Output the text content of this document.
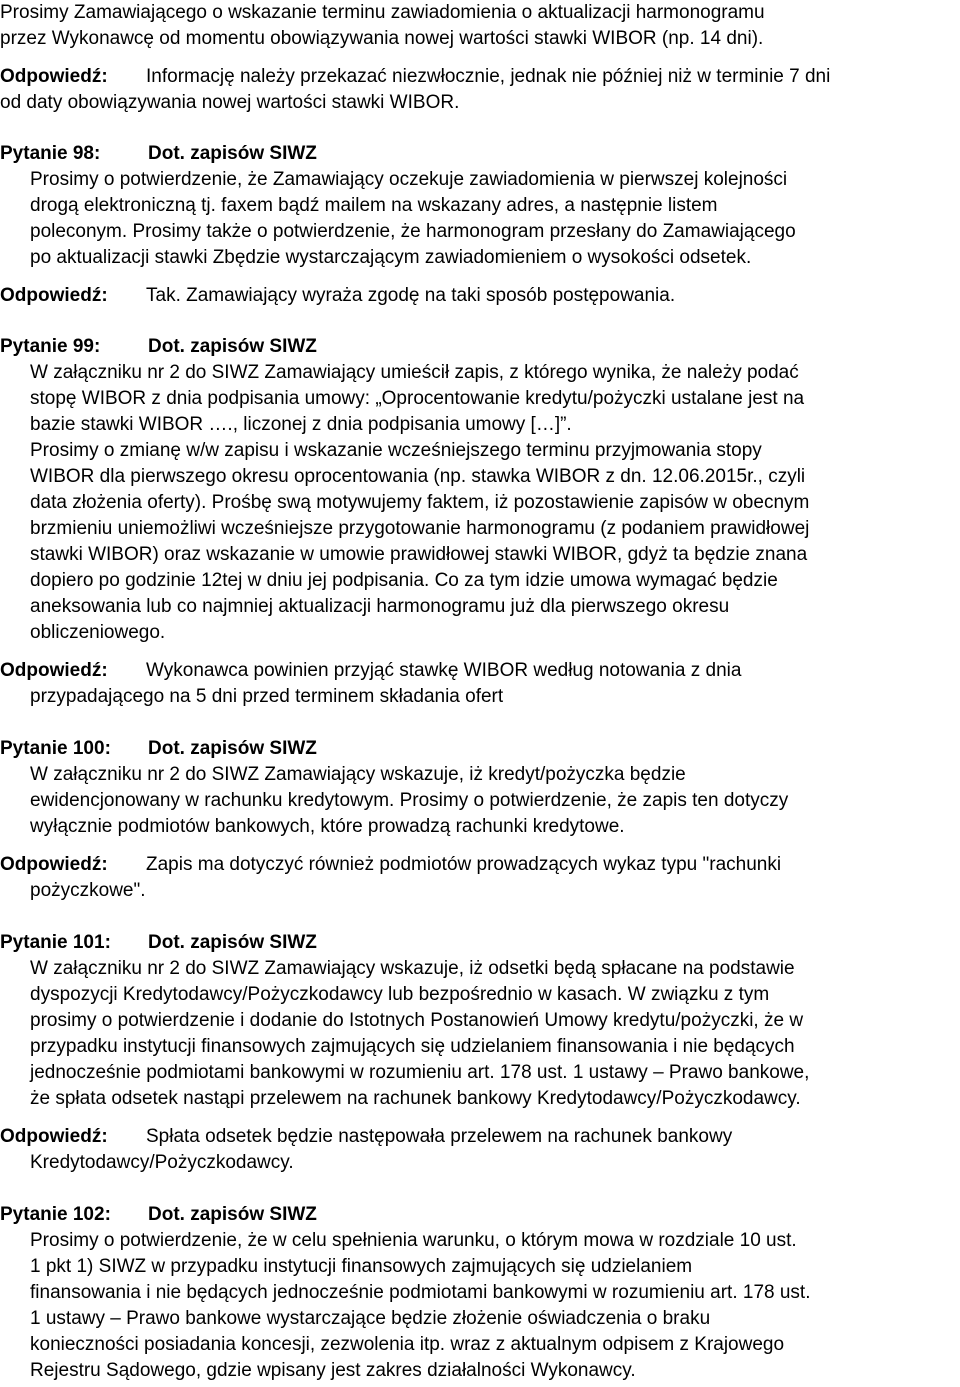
Prosimy Zamawiającego o wskazanie terminu zawiadomienia o aktualizacji harmonogramu
przez Wykonawcę od momentu obowiązywania nowej wartości stawki WIBOR (np. 14 dni).
Odpowiedź: Informację należy przekazać niezwłocznie, jednak nie później niż w terminie 7 dni
od daty obowiązywania nowej wartości stawki WIBOR.
Pytanie 98:	Dot. zapisów SIWZ
Prosimy o potwierdzenie, że Zamawiający oczekuje zawiadomienia w pierwszej kolejności
drogą elektroniczną tj. faxem bądź mailem na wskazany adres, a następnie listem
poleconym. Prosimy także o potwierdzenie, że harmonogram przesłany do Zamawiającego
po aktualizacji stawki Zbędzie wystarczającym zawiadomieniem o wysokości odsetek.
Odpowiedź: Tak. Zamawiający wyraża zgodę na taki sposób postępowania.
Pytanie 99:	Dot. zapisów SIWZ
W załączniku nr 2 do SIWZ Zamawiający umieścił zapis, z którego wynika, że należy podać
stopę WIBOR z dnia podpisania umowy: „Oprocentowanie kredytu/pożyczki ustalane jest na
bazie stawki WIBOR …., liczonej z dnia podpisania umowy […]”.
Prosimy o zmianę w/w zapisu i wskazanie wcześniejszego terminu przyjmowania stopy
WIBOR dla pierwszego okresu oprocentowania (np. stawka WIBOR z dn. 12.06.2015r., czyli
data złożenia oferty). Prośbę swą motywujemy faktem, iż pozostawienie zapisów w obecnym
brzmieniu uniemożliwi wcześniejsze przygotowanie harmonogramu (z podaniem prawidłowej
stawki WIBOR) oraz wskazanie w umowie prawidłowej stawki WIBOR, gdyż ta będzie znana
dopiero po godzinie 12tej w dniu jej podpisania. Co za tym idzie umowa wymagać będzie
aneksowania lub co najmniej aktualizacji harmonogramu już dla pierwszego okresu
obliczeniowego.
Odpowiedź: Wykonawca powinien przyjąć stawkę WIBOR według notowania z dnia
przypadającego na 5 dni przed terminem składania ofert
Pytanie 100: Dot. zapisów SIWZ
W załączniku nr 2 do SIWZ Zamawiający wskazuje, iż kredyt/pożyczka będzie
ewidencjonowany w rachunku kredytowym. Prosimy o potwierdzenie, że zapis ten dotyczy
wyłącznie podmiotów bankowych, które prowadzą rachunki kredytowe.
Odpowiedź: Zapis ma dotyczyć również podmiotów prowadzących wykaz typu "rachunki
pożyczkowe".
Pytanie 101: Dot. zapisów SIWZ
W załączniku nr 2 do SIWZ Zamawiający wskazuje, iż odsetki będą spłacane na podstawie
dyspozycji Kredytodawcy/Pożyczkodawcy lub bezpośrednio w kasach. W związku z tym
prosimy o potwierdzenie i dodanie do Istotnych Postanowień Umowy kredytu/pożyczki, że w
przypadku instytucji finansowych zajmujących się udzielaniem finansowania i nie będących
jednocześnie podmiotami bankowymi w rozumieniu art. 178 ust. 1 ustawy – Prawo bankowe,
że spłata odsetek nastąpi przelewem na rachunek bankowy Kredytodawcy/Pożyczkodawcy.
Odpowiedź: Spłata odsetek będzie następowała przelewem na rachunek bankowy
Kredytodawcy/Pożyczkodawcy.
Pytanie 102: Dot. zapisów SIWZ
Prosimy o potwierdzenie, że w celu spełnienia warunku, o którym mowa w rozdziale 10 ust.
1 pkt 1) SIWZ w przypadku instytucji finansowych zajmujących się udzielaniem
finansowania i nie będących jednocześnie podmiotami bankowymi w rozumieniu art. 178 ust.
1 ustawy – Prawo bankowe wystarczające będzie złożenie oświadczenia o braku
konieczności posiadania koncesji, zezwolenia itp. wraz z aktualnym odpisem z Krajowego
Rejestru Sądowego, gdzie wpisany jest zakres działalności Wykonawcy.
